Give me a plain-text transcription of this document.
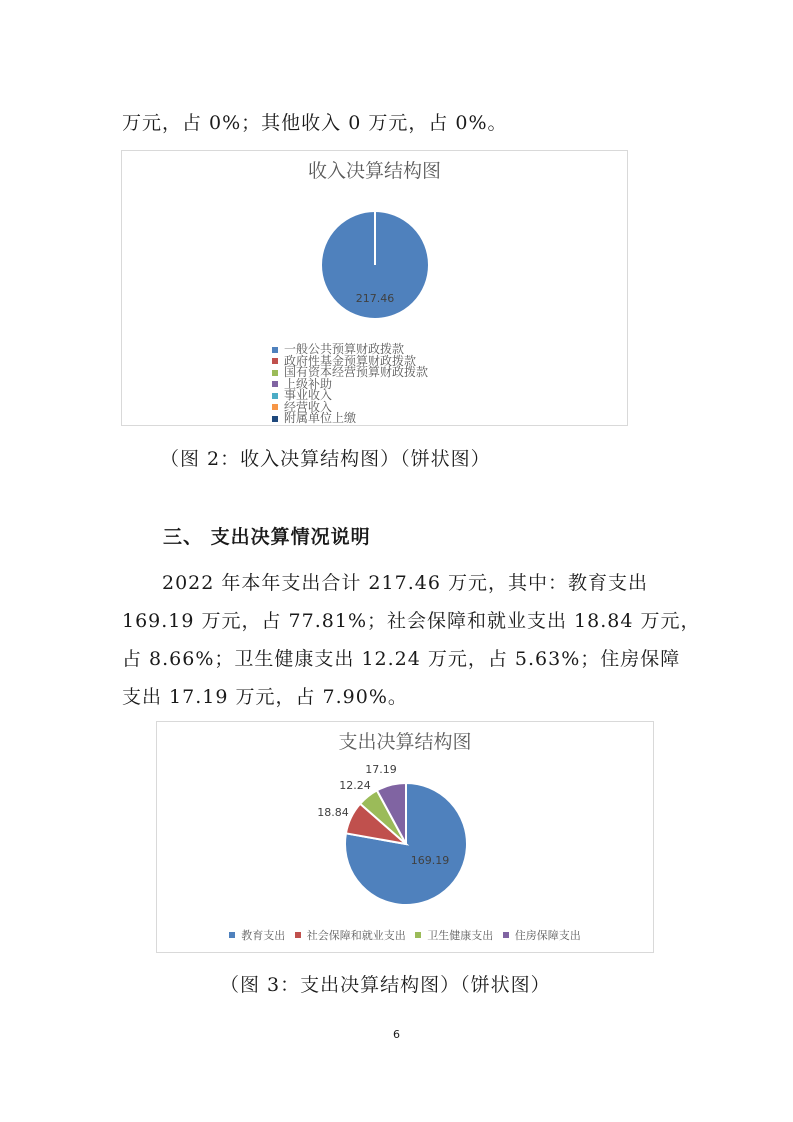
万元，占 0%；其他收入 0 万元，占 0%。
收入决算结构图
217.46
一般公共预算财政拨款
政府性基金预算财政拨款
国有资本经营预算财政拨款
上级补助
事业收入
经营收入
附属单位上缴
（图 2：收入决算结构图）（饼状图）
三、 支出决算情况说明
　　2022 年本年支出合计 217.46 万元，其中：教育支出
169.19 万元，占 77.81%；社会保障和就业支出 18.84 万元，
占 8.66%；卫生健康支出 12.24 万元，占 5.63%；住房保障
支出 17.19 万元，占 7.90%。
支出决算结构图
169.19
18.84
12.24
17.19
教育支出
社会保障和就业支出
卫生健康支出
住房保障支出
（图 3：支出决算结构图）（饼状图）
6
